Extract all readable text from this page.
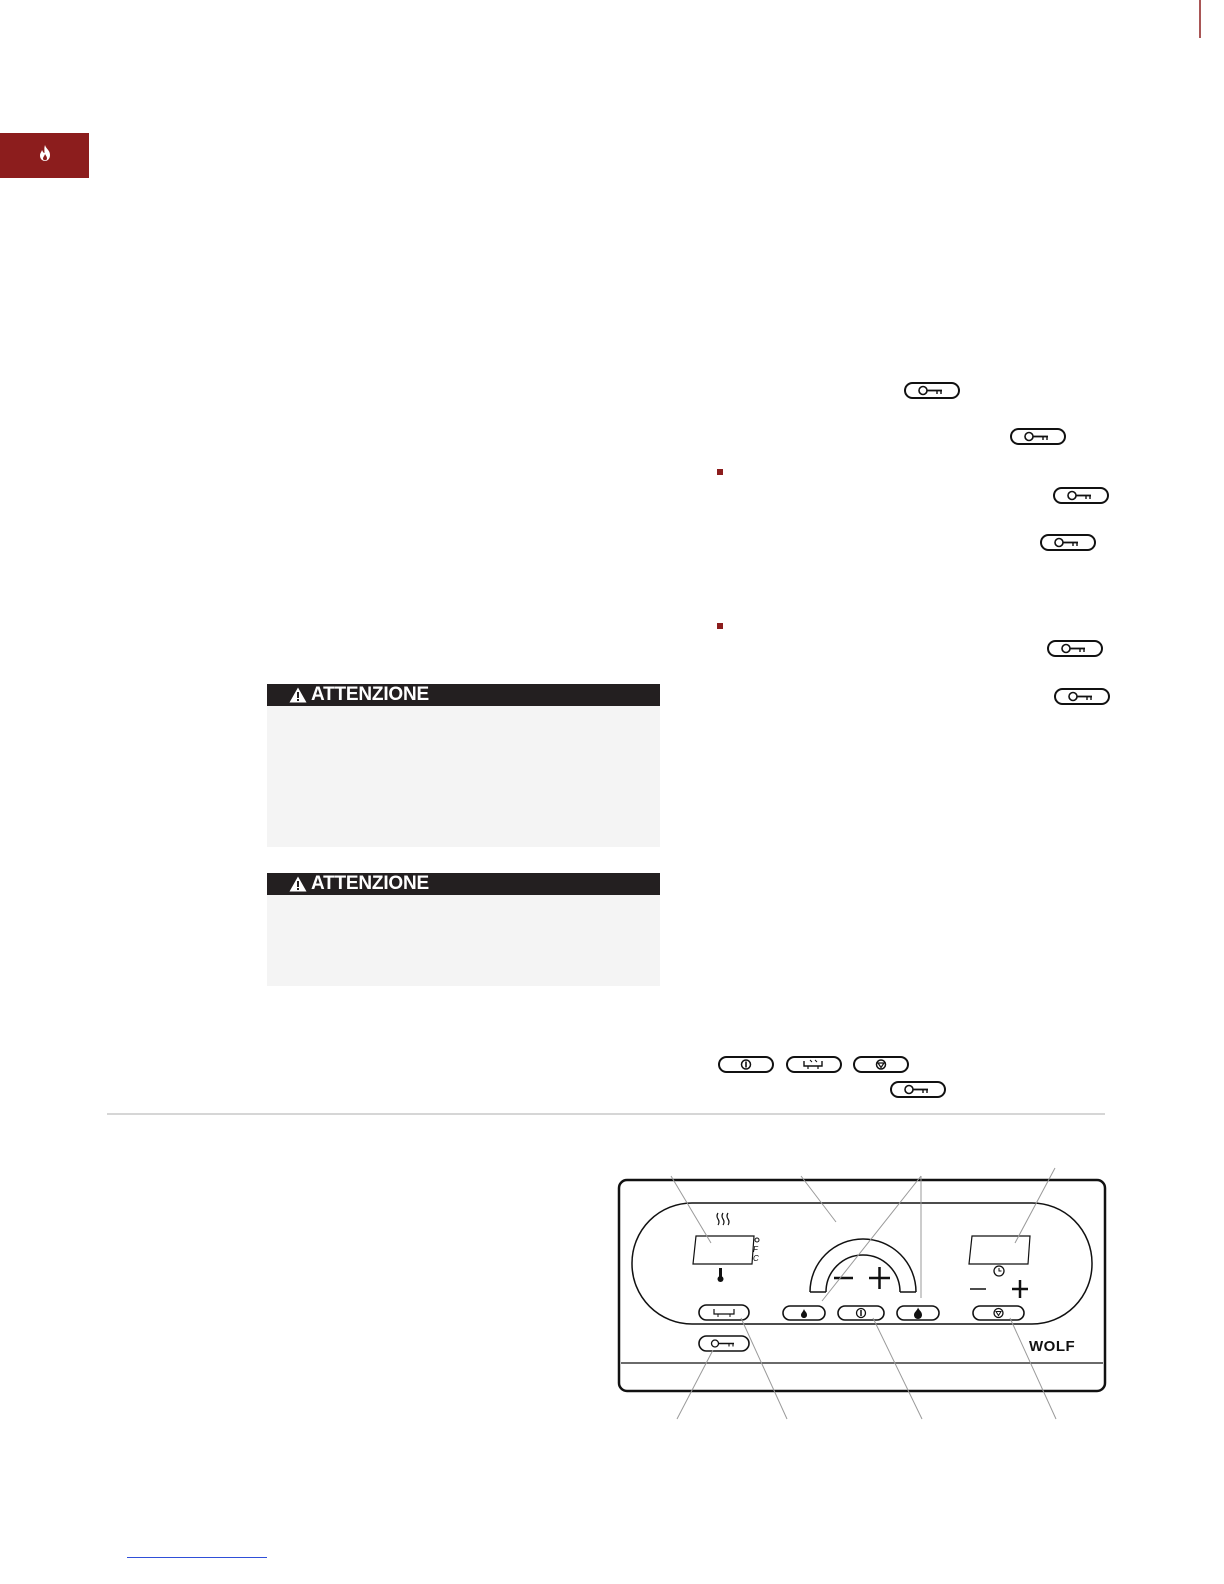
ATTENZIONE
ATTENZIONE
F
C
WOLF
